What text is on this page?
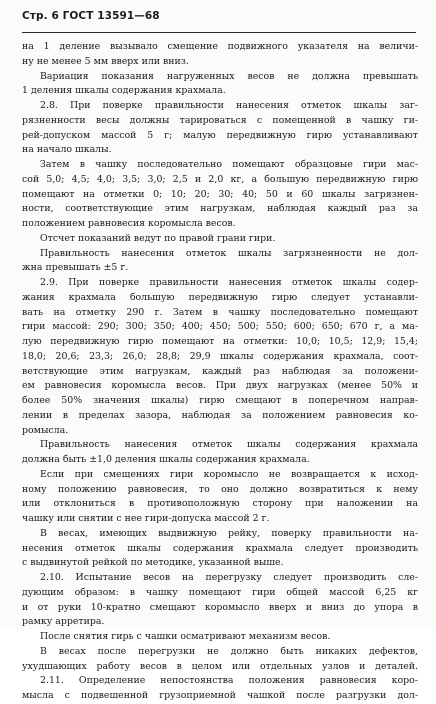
Стр. 6 ГОСТ 13591—68
на 1 деление вызывало смещение подвижного указателя на величи-
ну не менее 5 мм вверх или вниз.
Вариация показания нагруженных весов не должна превышать
1 деления шкалы содержания крахмала.
2.8. При поверке правильности нанесения отметок шкалы заг-
рязненности весы должны тарироваться с помещенной в чашку ги-
рей-допуском массой 5 г; малую передвижную гирю устанавливают
на начало шкалы.
Затем в чашку последовательно помещают образцовые гири мас-
сой 5,0; 4,5; 4,0; 3,5; 3,0; 2,5 и 2,0 кг, а большую передвижную гирю
помещают на отметки 0; 10; 20; 30; 40; 50 и 60 шкалы загрязнен-
ности, соответствующие этим нагрузкам, наблюдая каждый раз за
положением равновесия коромысла весов.
Отсчет показаний ведут по правой грани гири.
Правильность нанесения отметок шкалы загрязненности не дол-
жна превышать ±5 г.
2.9. При поверке правильности нанесения отметок шкалы содер-
жания крахмала большую передвижную гирю следует устанавли-
вать на отметку 290 г. Затем в чашку последовательно помещают
гири массой: 290; 300; 350; 400; 450; 500; 550; 600; 650; 670 г, а ма-
лую передвижную гирю помещают на отметки: 10,0; 10,5; 12,9; 15,4;
18,0; 20,6; 23,3; 26,0; 28,8; 29,9 шкалы содержания крахмала, соот-
ветствующие этим нагрузкам, каждый раз наблюдая за положени-
ем равновесия коромысла весов. При двух нагрузках (менее 50% и
более 50% значения шкалы) гирю смещают в поперечном направ-
лении в пределах зазора, наблюдая за положением равновесия ко-
ромысла.
Правильность нанесения отметок шкалы содержания крахмала
должна быть ±1,0 деления шкалы содержания крахмала.
Если при смещениях гири коромысло не возвращается к исход-
ному положению равновесия, то оно должно возвратиться к нему
или отклониться в противоположную сторону при наложении на
чашку или снятии с нее гири-допуска массой 2 г.
В весах, имеющих выдвижную рейку, поверку правильности на-
несения отметок шкалы содержания крахмала следует производить
с выдвинутой рейкой по методике, указанной выше.
2.10. Испытание весов на перегрузку следует производить сле-
дующим образом: в чашку помещают гири общей массой 6,25 кг
и от руки 10-кратно смещают коромысло вверх и вниз до упора в
рамку арретира.
После снятия гирь с чашки осматривают механизм весов.
В весах после перегрузки не должно быть никаких дефектов,
ухудшающих работу весов в целом или отдельных узлов и деталей.
2.11. Определение непостоянства положения равновесия коро-
мысла с подвешенной грузоприемной чашкой после разгрузки дол-
